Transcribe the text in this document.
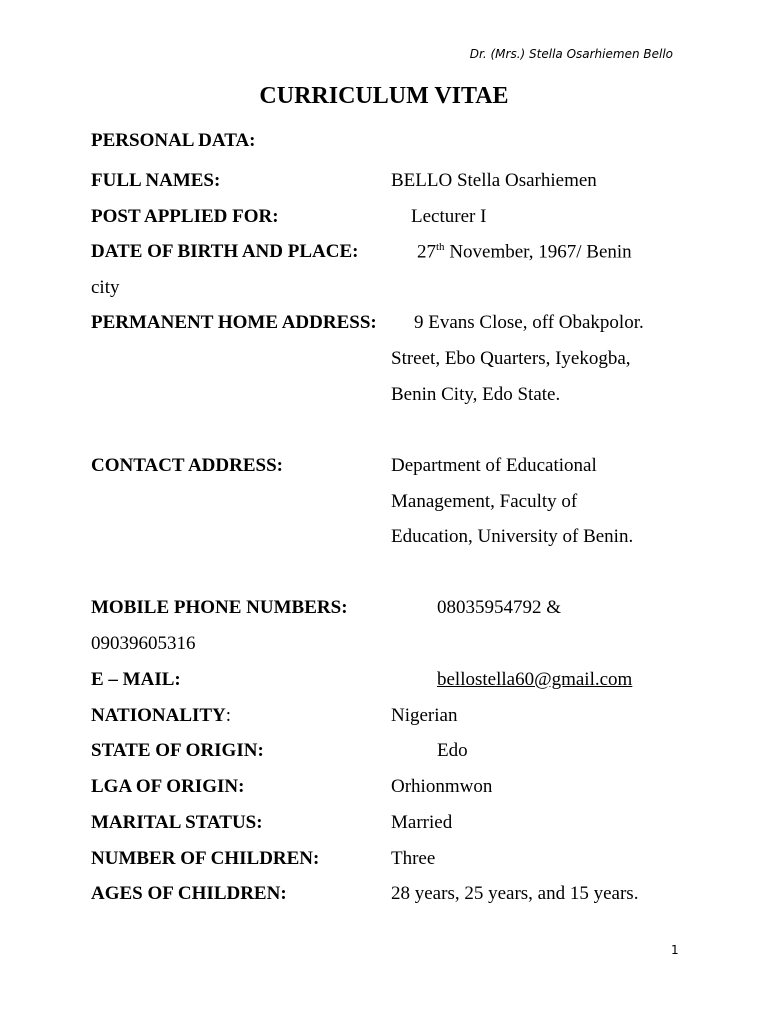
Dr. (Mrs.) Stella Osarhiemen Bello
CURRICULUM VITAE
PERSONAL DATA:
FULL NAMES:	BELLO Stella Osarhiemen
POST APPLIED FOR:	Lecturer I
DATE OF BIRTH AND PLACE:	27th November, 1967/ Benin
city
PERMANENT HOME ADDRESS: 9 Evans Close, off Obakpolor.
Street, Ebo Quarters, Iyekogba,
Benin City, Edo State.
CONTACT ADDRESS:	Department of Educational
Management, Faculty of
Education, University of Benin.
MOBILE PHONE NUMBERS:	08035954792 &
09039605316
E – MAIL:	bellostella60@gmail.com
NATIONALITY:	Nigerian
STATE OF ORIGIN:	Edo
LGA OF ORIGIN:	Orhionmwon
MARITAL STATUS:	Married
NUMBER OF CHILDREN:	Three
AGES OF CHILDREN:	28 years, 25 years, and 15 years.
1
